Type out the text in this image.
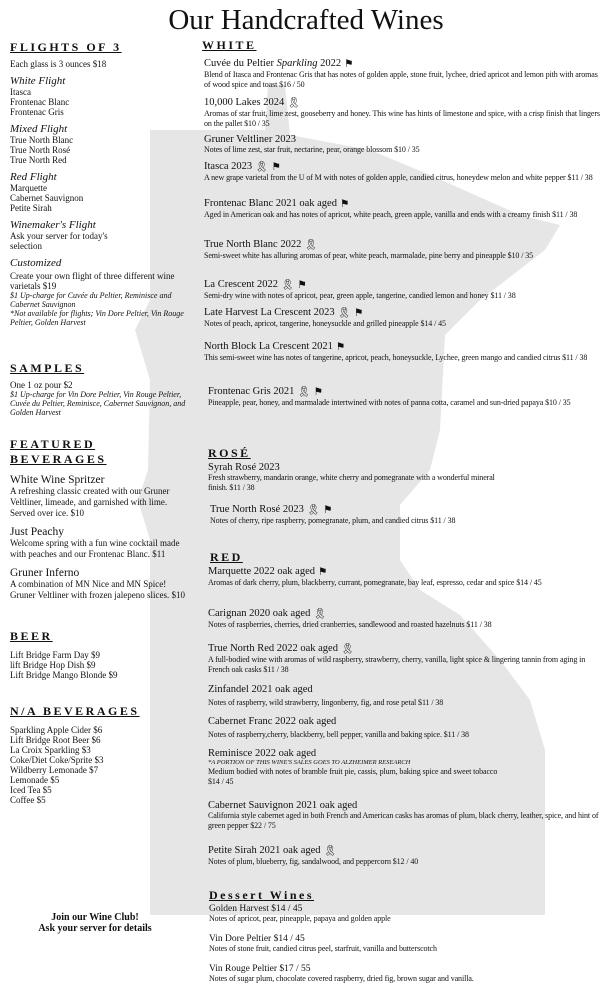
Our Handcrafted Wines
FLIGHTS OF 3
Each glass is 3 ounces $18
White Flight
Itasca
Frontenac Blanc
Frontenac Gris
Mixed Flight
True North Blanc
True North Rosé
True North Red
Red Flight
Marquette
Cabernet Sauvignon
Petite Sirah
Winemaker's Flight
Ask your server for today's selection
Customized
Create your own flight of three different wine varietals $19
$1 Up-charge for Cuvée du Peltier, Reminisce and Cabernet Sauvignon
*Not available for flights; Vin Dore Peltier, Vin Rouge Peltier, Golden Harvest
SAMPLES
One 1 oz pour $2
$1 Up-charge for Vin Dore Peltier, Vin Rouge Peltier, Cuvée du Peltier, Reminisce, Cabernet Sauvignon, and Golden Harvest
FEATURED BEVERAGES
White Wine Spritzer
A refreshing classic created with our Gruner Veltliner, limeade, and garnished with lime. Served over ice. $10
Just Peachy
Welcome spring with a fun wine cocktail made with peaches and our Frontenac Blanc. $11
Gruner Inferno
A combination of MN Nice and MN Spice! Gruner Veltliner with frozen jalepeno slices. $10
BEER
Lift Bridge Farm Day $9
lift Bridge Hop Dish $9
Lift Bridge Mango Blonde $9
N/A BEVERAGES
Sparkling Apple Cider $6
Lift Bridge Root Beer $6
La Croix Sparkling $3
Coke/Diet Coke/Sprite $3
Wildberry Lemonade $7
Lemonade $5
Iced Tea $5
Coffee $5
Join our Wine Club!
Ask your server for details
WHITE
Cuvée du Peltier Sparkling 2022 ⚑
Blend of Itasca and Frontenac Gris that has notes of golden apple, stone fruit, lychee, dried apricot and lemon pith with aromas of wood spice and toast $16 / 50
10,000 Lakes 2024 🎗
Aromas of star fruit, lime zest, gooseberry and honey. This wine has hints of limestone and spice, with a crisp finish that lingers on the pallet $10 / 35
Gruner Veltliner 2023
Notes of lime zest, star fruit, nectarine, pear, orange blossom $10 / 35
Itasca 2023 🎗 ⚑
A new grape varietal from the U of M with notes of golden apple, candied citrus, honeydew melon and white pepper $11 / 38
Frontenac Blanc 2021 oak aged ⚑
Aged in American oak and has notes of apricot, white peach, green apple, vanilla and ends with a creamy finish $11 / 38
True North Blanc 2022 🎗
Semi-sweet white has alluring aromas of pear, white peach, marmalade, pine berry and pineapple $10 / 35
La Crescent 2022 🎗 ⚑
Semi-dry wine with notes of apricot, pear, green apple, tangerine, candied lemon and honey $11 / 38
Late Harvest La Crescent 2023 🎗 ⚑
Notes of peach, apricot, tangerine, honeysuckle and grilled pineapple $14 / 45
North Block La Crescent 2021 ⚑
This semi-sweet wine has notes of tangerine, apricot, peach, honeysuckle, Lychee, green mango and candied citrus $11 / 38
Frontenac Gris 2021 🎗 ⚑
Pineapple, pear, honey, and marmalade intertwined with notes of panna cotta, caramel and sun-dried papaya $10 / 35
ROSÉ
Syrah Rosé 2023
Fresh strawberry, mandarin orange, white cherry and pomegranate with a wonderful mineral finish. $11 / 38
True North Rosé 2023 🎗 ⚑
Notes of cherry, ripe raspberry, pomegranate, plum, and candied citrus $11 / 38
RED
Marquette 2022 oak aged ⚑
Aromas of dark cherry, plum, blackberry, currant, pomegranate, bay leaf, espresso, cedar and spice $14 / 45
Carignan 2020 oak aged 🎗
Notes of raspberries, cherries, dried cranberries, sandlewood and roasted hazelnuts $11 / 38
True North Red 2022 oak aged 🎗
A full-bodied wine with aromas of wild raspberry, strawberry, cherry, vanilla, light spice & lingering tannin from aging in French oak casks $11 / 38
Zinfandel 2021 oak aged
Notes of raspberry, wild strawberry, lingonberry, fig, and rose petal $11 / 38
Cabernet Franc 2022 oak aged
Notes of raspberry,cherry, blackberry, bell pepper, vanilla and baking spice. $11 / 38
Reminisce 2022 oak aged
*A PORTION OF THIS WINE'S SALES GOES TO ALZHEIMER RESEARCH
Medium bodied with notes of bramble fruit pie, cassis, plum, baking spice and sweet tobacco $14 / 45
Cabernet Sauvignon 2021 oak aged
California style cabernet aged in both French and American casks has aromas of plum, black cherry, leather, spice, and hint of green pepper $22 / 75
Petite Sirah 2021 oak aged 🎗
Notes of plum, blueberry, fig, sandalwood, and peppercorn $12 / 40
Dessert Wines
Golden Harvest $14 / 45
Notes of apricot, pear, pineapple, papaya and golden apple
Vin Dore Peltier $14 / 45
Notes of stone fruit, candied citrus peel, starfruit, vanilla and butterscotch
Vin Rouge Peltier $17 / 55
Notes of sugar plum, chocolate covered raspberry, dried fig, brown sugar and vanilla.
